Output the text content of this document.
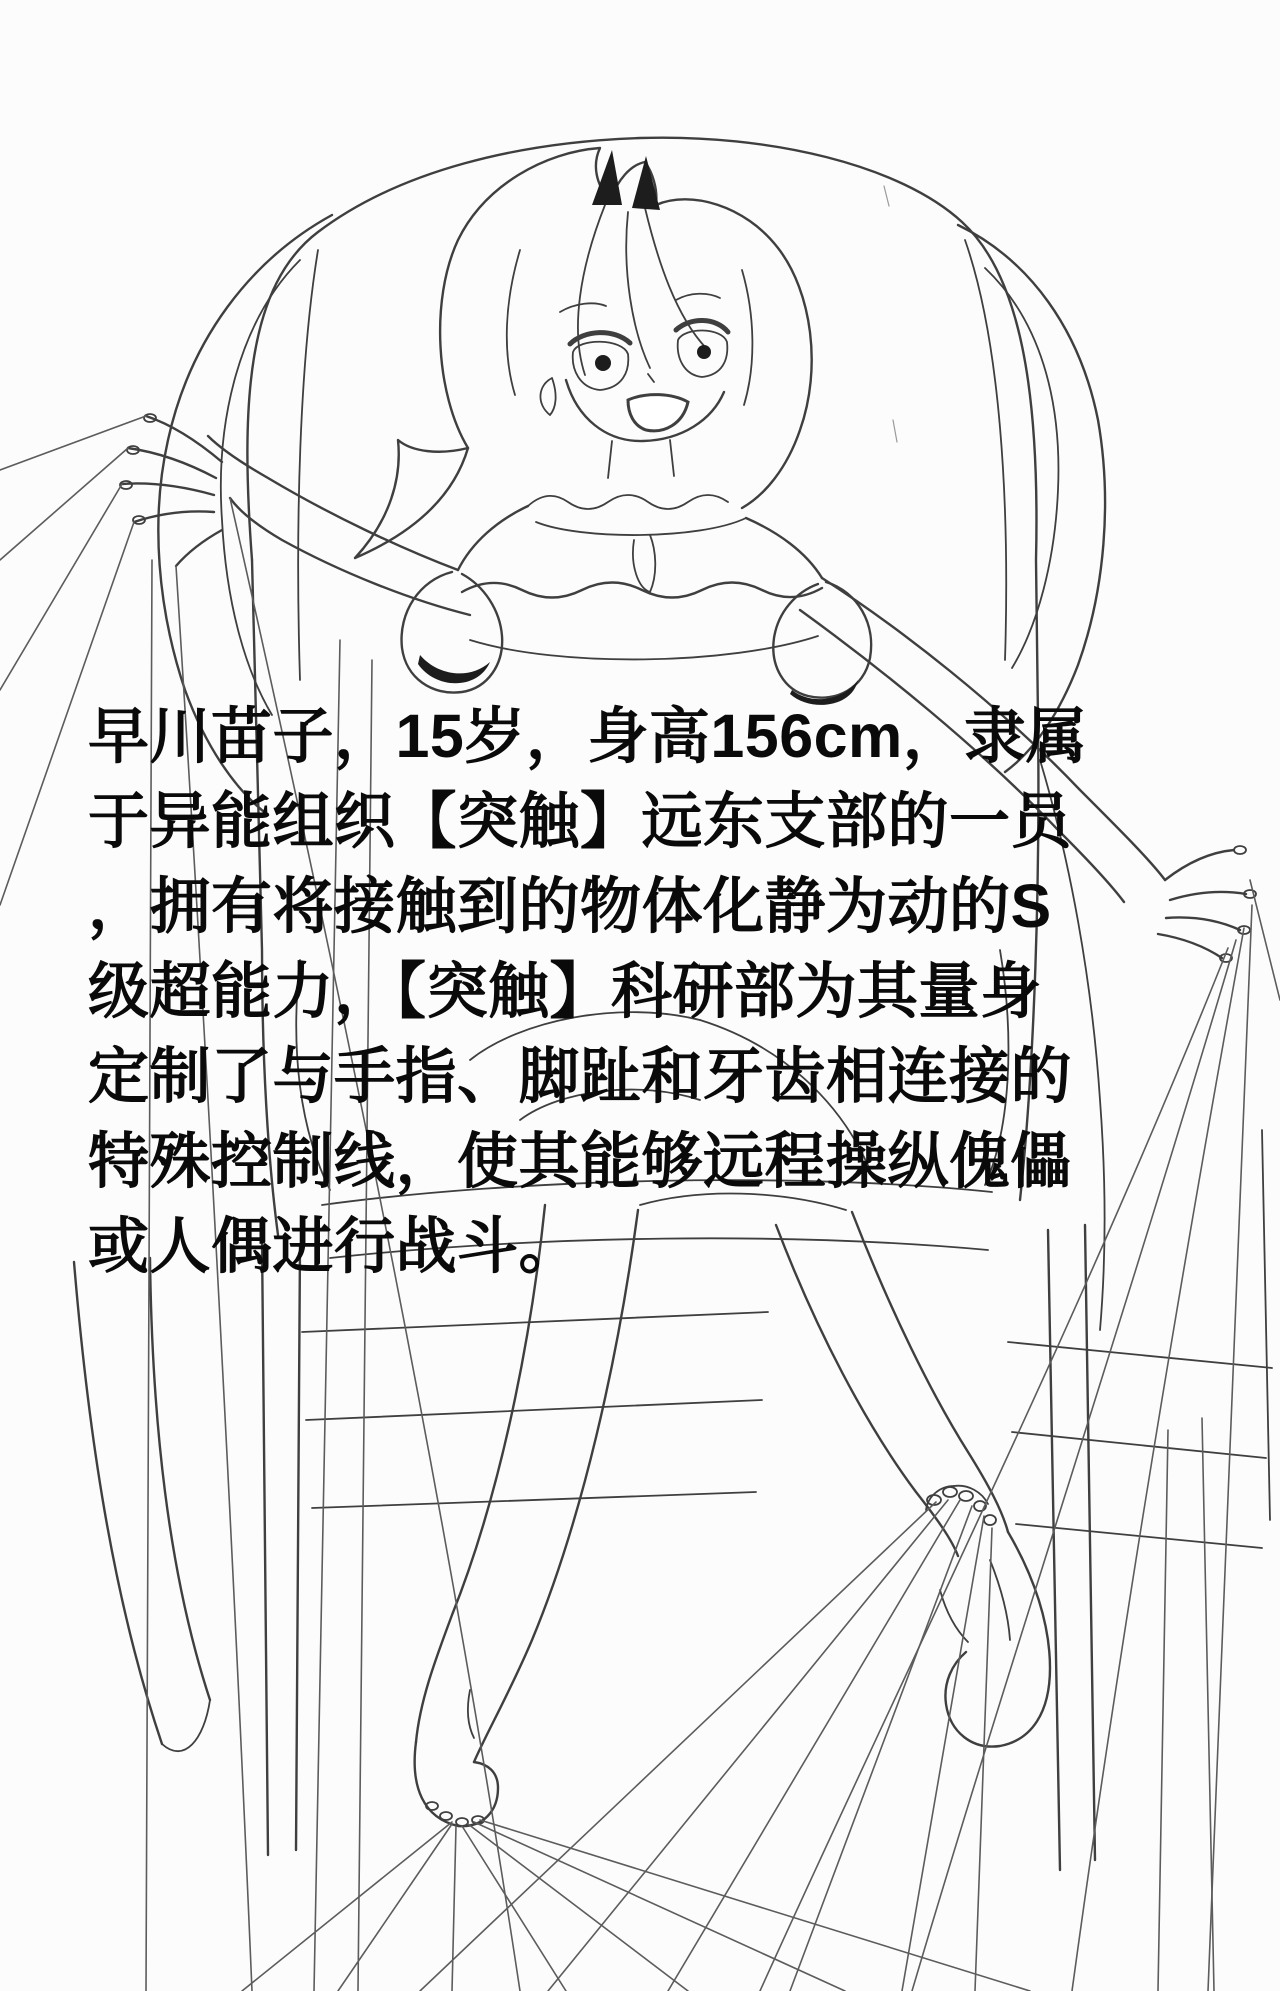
早川苗子，15岁，身高156cm，隶属
于异能组织【突触】远东支部的一员
，拥有将接触到的物体化静为动的S
级超能力，【突触】科研部为其量身
定制了与手指、脚趾和牙齿相连接的
特殊控制线，使其能够远程操纵傀儡
或人偶进行战斗。
